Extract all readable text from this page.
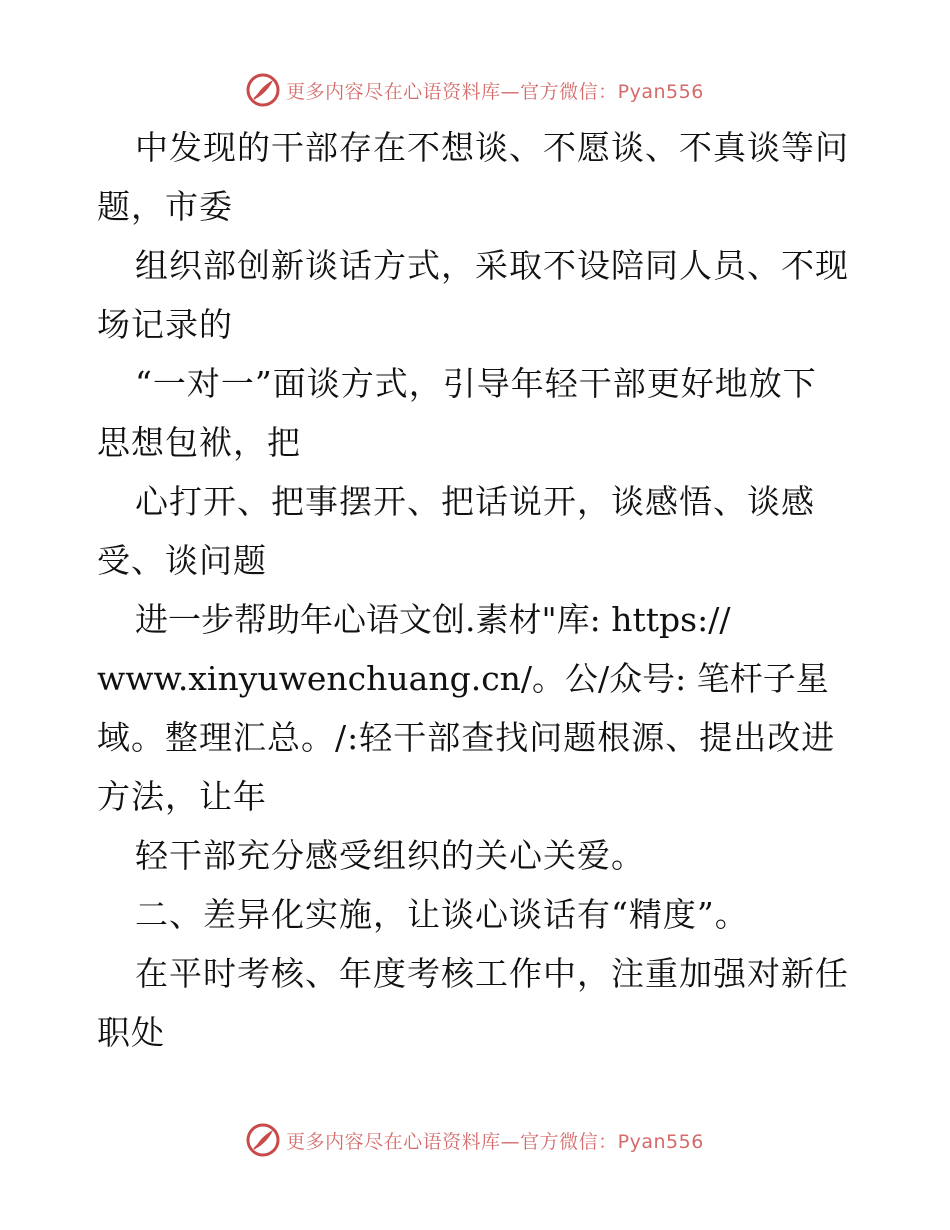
更多内容尽在心语资料库—官方微信：Pyan556
中发现的干部存在不想谈、不愿谈、不真谈等问
题，市委
组织部创新谈话方式，采取不设陪同人员、不现
场记录的
“一对一”面谈方式，引导年轻干部更好地放下
思想包袱，把
心打开、把事摆开、把话说开，谈感悟、谈感
受、谈问题
进一步帮助年心语文创.素材"库: https://
www.xinyuwenchuang.cn/。公/众号: 笔杆子星
域。整理汇总。/:轻干部查找问题根源、提出改进
方法，让年
轻干部充分感受组织的关心关爱。
二、差异化实施，让谈心谈话有“精度”。
在平时考核、年度考核工作中，注重加强对新任
职处
更多内容尽在心语资料库—官方微信：Pyan556
